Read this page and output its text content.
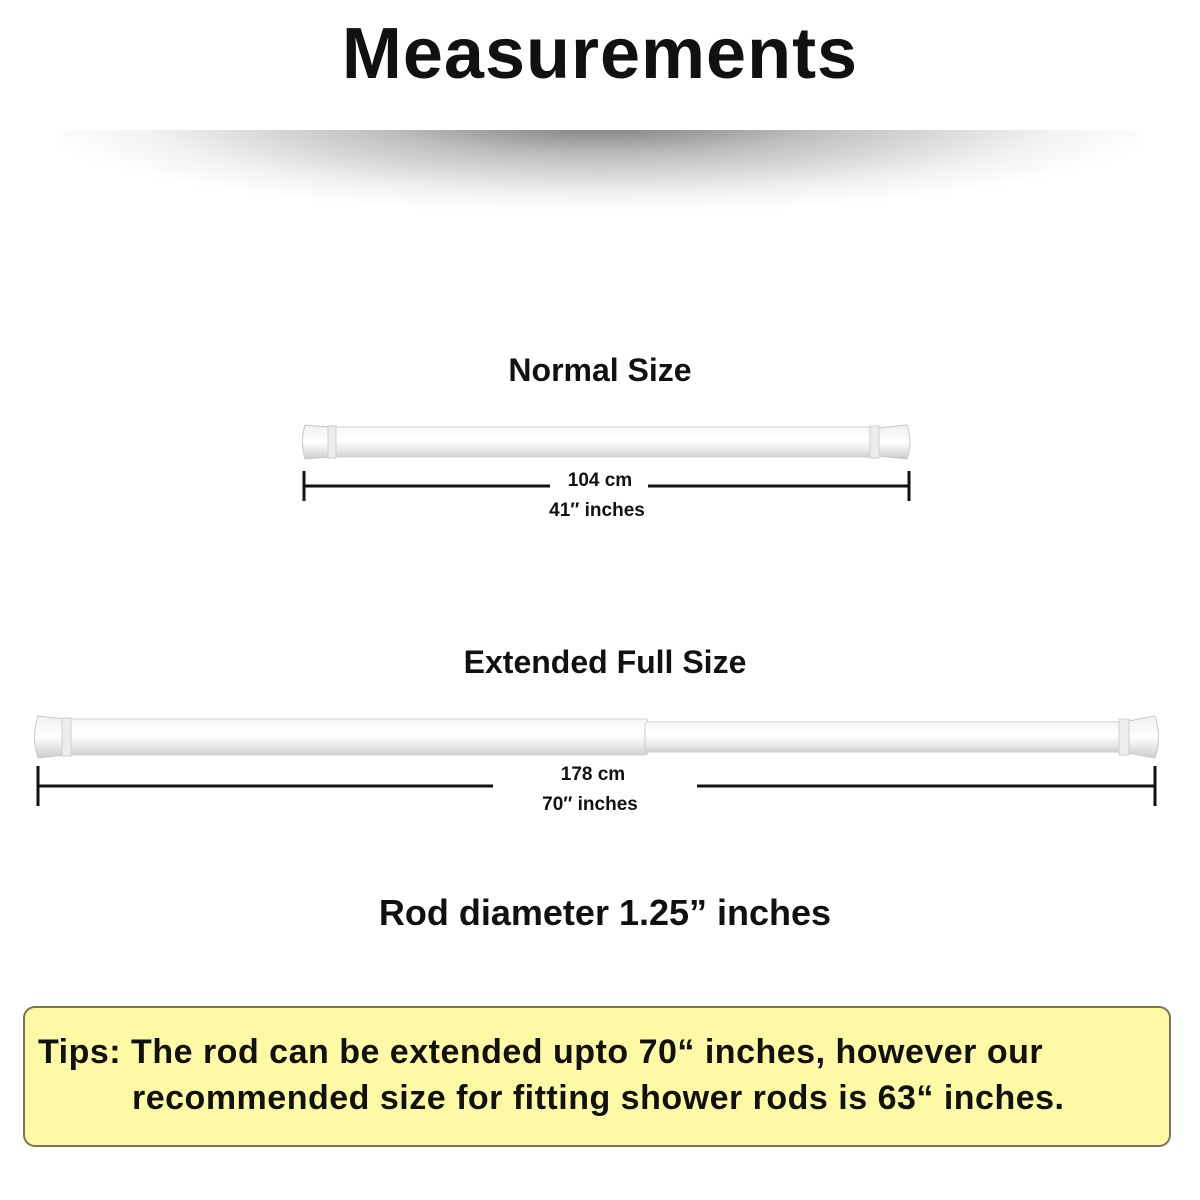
Measurements
Normal Size
104 cm
41″ inches
Extended Full Size
178 cm
70″ inches
Rod diameter 1.25” inches
Tips: The rod can be extended upto 70“ inches, however our
recommended size for fitting shower rods is 63“ inches.
